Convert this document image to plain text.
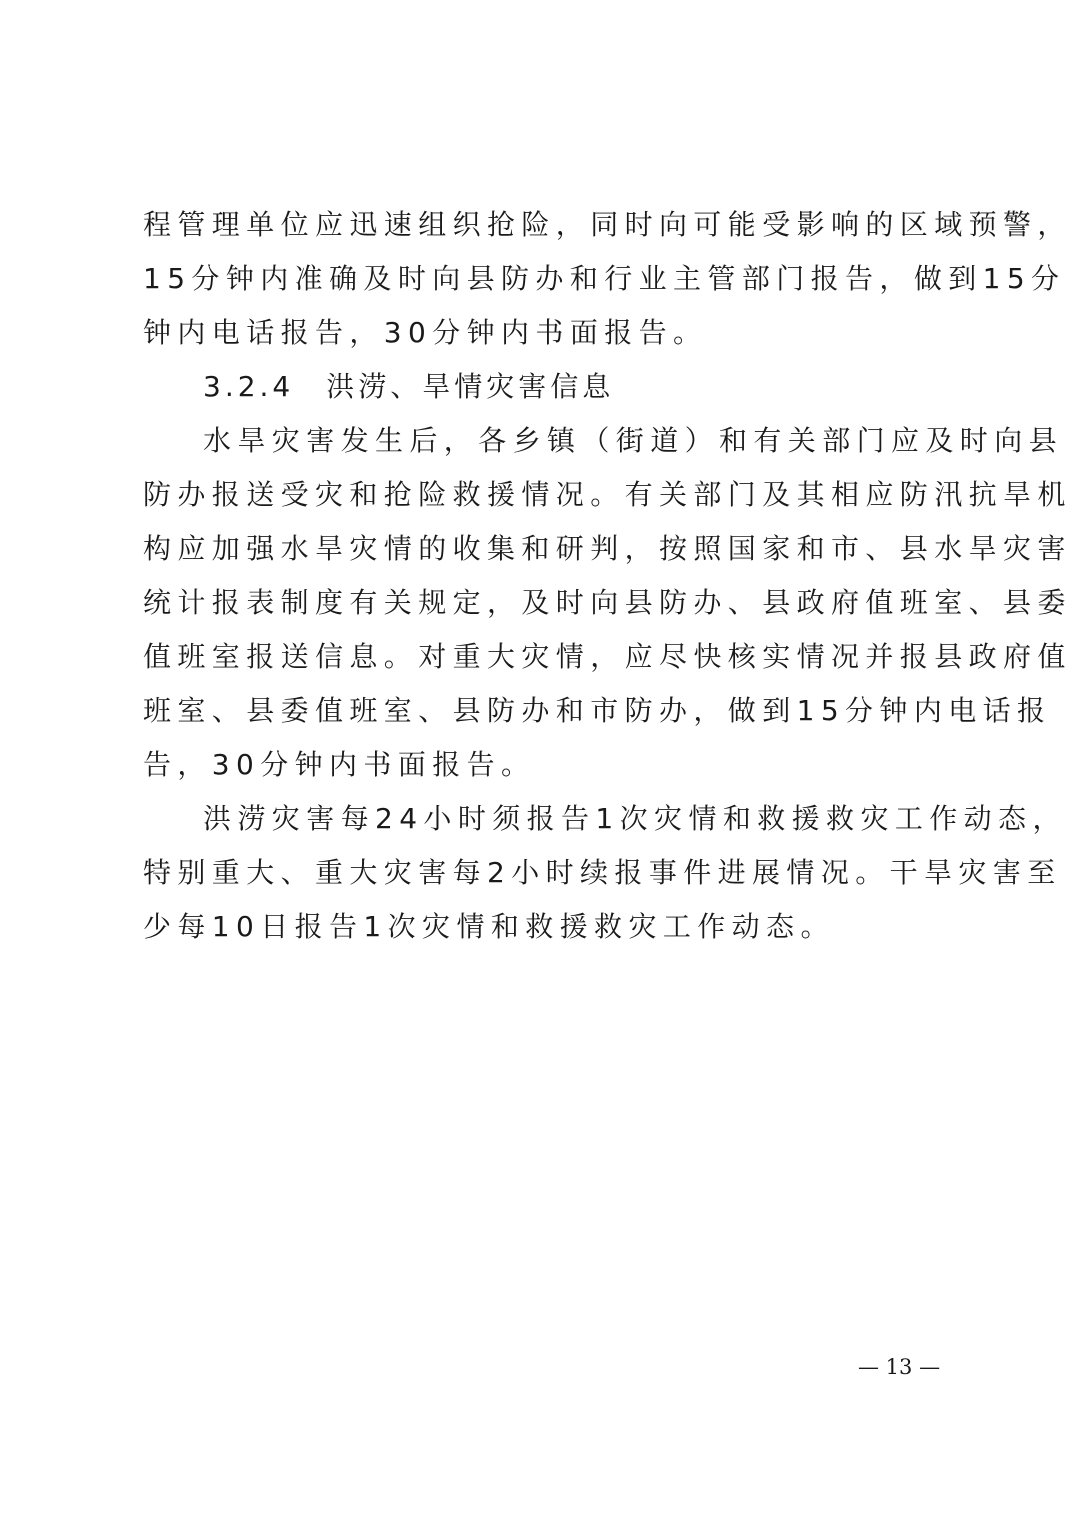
程管理单位应迅速组织抢险，同时向可能受影响的区域预警，
15分钟内准确及时向县防办和行业主管部门报告，做到15分
钟内电话报告，30分钟内书面报告。
3.2.4　洪涝、旱情灾害信息
水旱灾害发生后，各乡镇（街道）和有关部门应及时向县
防办报送受灾和抢险救援情况。有关部门及其相应防汛抗旱机
构应加强水旱灾情的收集和研判，按照国家和市、县水旱灾害
统计报表制度有关规定，及时向县防办、县政府值班室、县委
值班室报送信息。对重大灾情，应尽快核实情况并报县政府值
班室、县委值班室、县防办和市防办，做到15分钟内电话报
告，30分钟内书面报告。
洪涝灾害每24小时须报告1次灾情和救援救灾工作动态，
特别重大、重大灾害每2小时续报事件进展情况。干旱灾害至
少每10日报告1次灾情和救援救灾工作动态。
— 13 —
